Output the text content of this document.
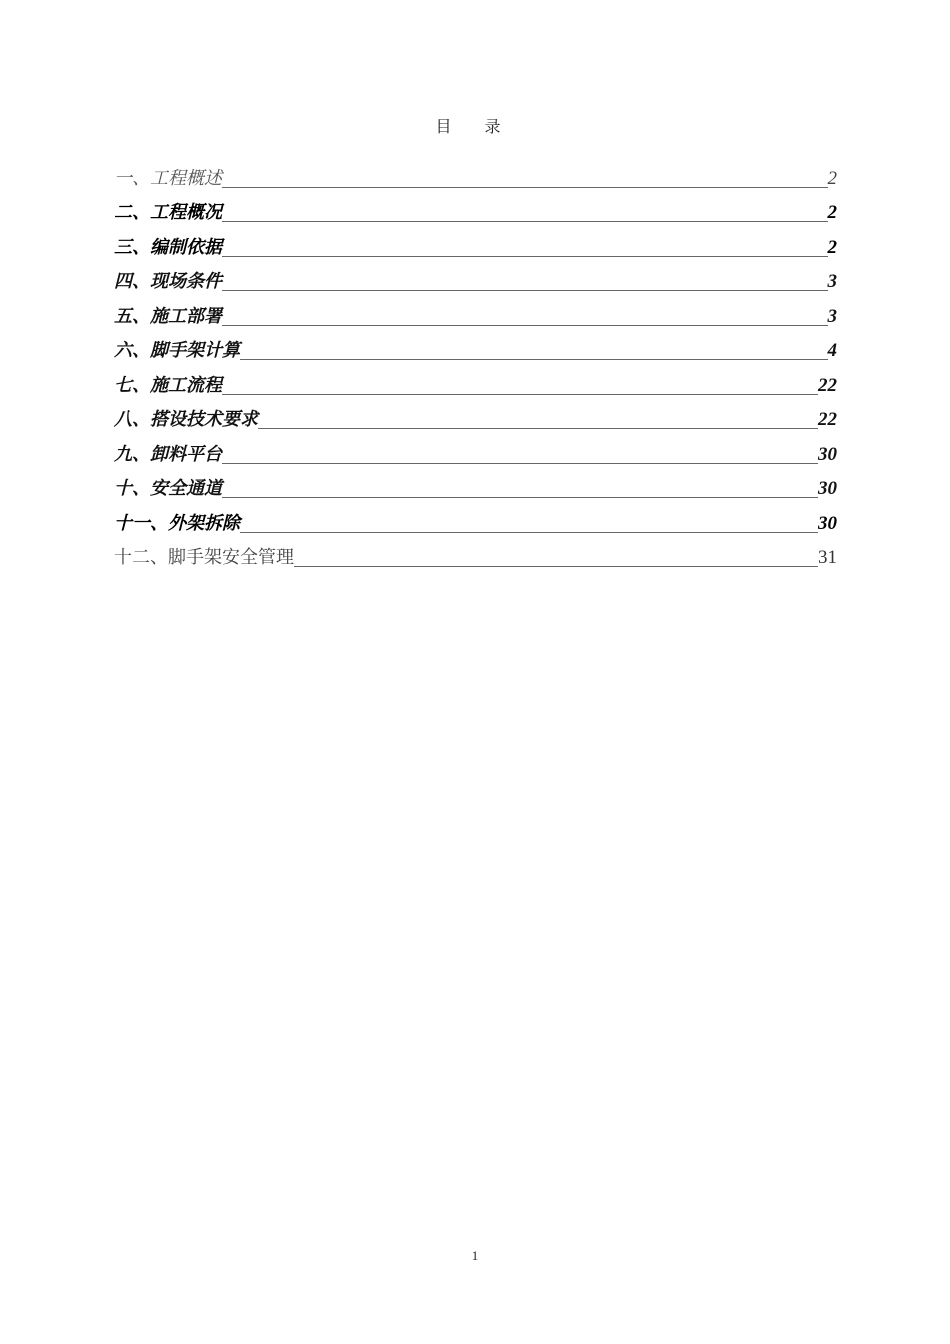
目 录
一、工程概述	2
二、工程概况	2
三、编制依据	2
四、现场条件	3
五、施工部署	3
六、脚手架计算	4
七、施工流程	22
八、搭设技术要求	22
九、卸料平台	30
十、安全通道	30
十一、外架拆除	30
十二、脚手架安全管理	31
1
